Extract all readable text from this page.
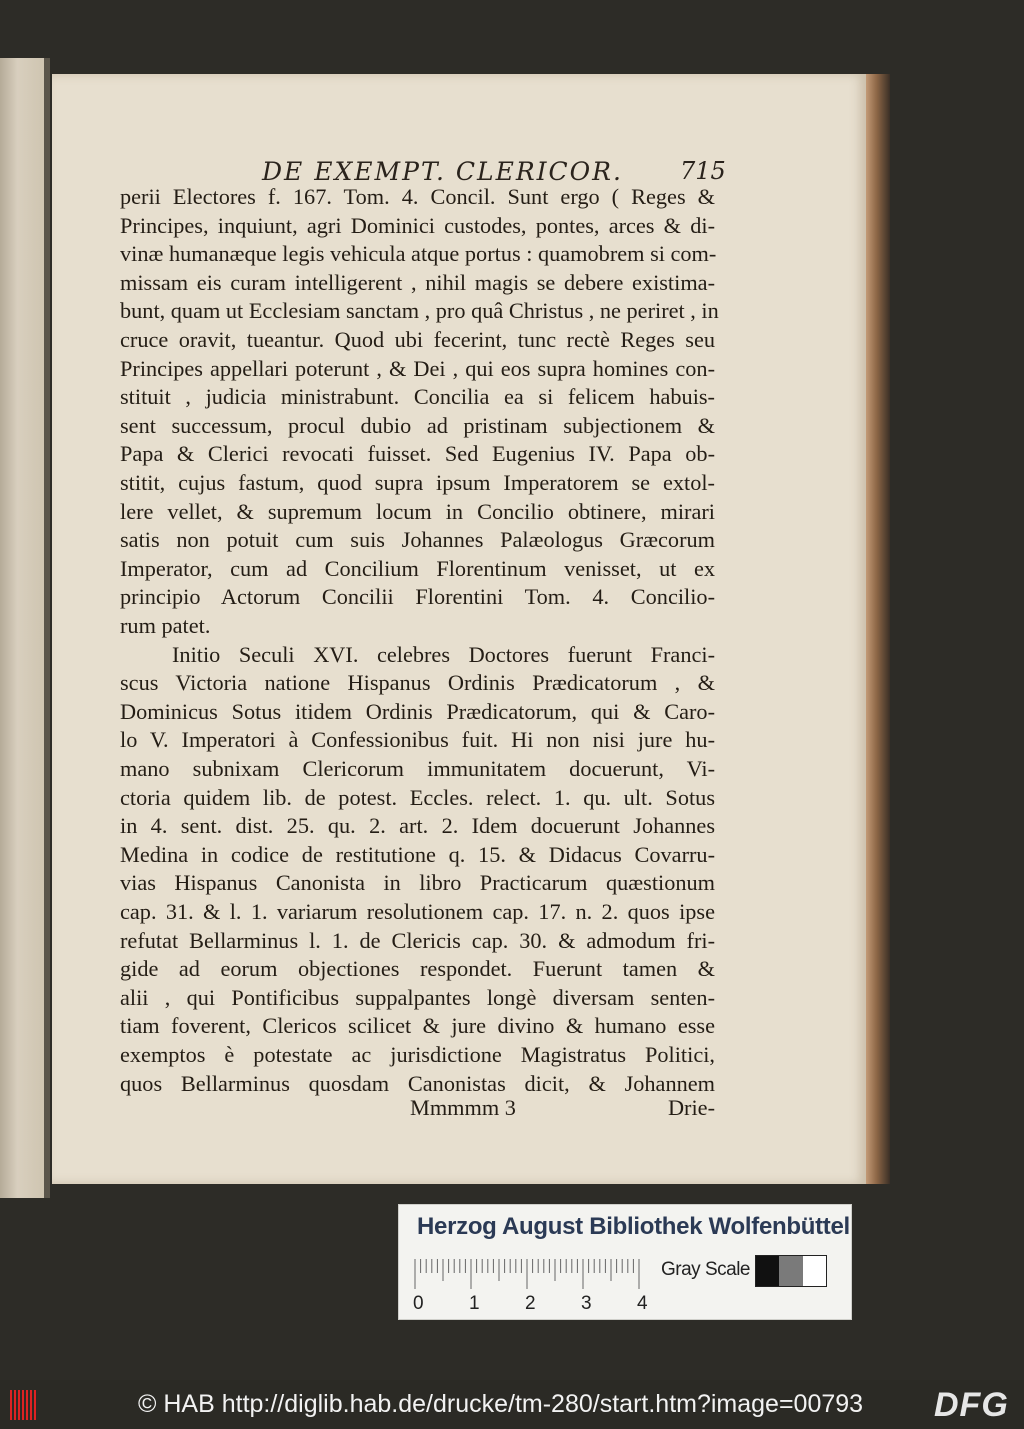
DE EXEMPT. CLERICOR. 715
perii Electores f. 167. Tom. 4. Concil. Sunt ergo ( Reges &
Principes, inquiunt, agri Dominici custodes, pontes, arces & di-
vinæ humanæque legis vehicula atque portus : quamobrem si com-
missam eis curam intelligerent , nihil magis se debere existima-
bunt, quam ut Ecclesiam sanctam , pro quâ Christus , ne periret , in
cruce oravit, tueantur. Quod ubi fecerint, tunc rectè Reges seu
Principes appellari poterunt , & Dei , qui eos supra homines con-
stituit , judicia ministrabunt. Concilia ea si felicem habuis-
sent successum, procul dubio ad pristinam subjectionem &
Papa & Clerici revocati fuisset. Sed Eugenius IV. Papa ob-
stitit, cujus fastum, quod supra ipsum Imperatorem se extol-
lere vellet, & supremum locum in Concilio obtinere, mirari
satis non potuit cum suis Johannes Palæologus Græcorum
Imperator, cum ad Concilium Florentinum venisset, ut ex
principio Actorum Concilii Florentini Tom. 4. Concilio-
rum patet.
Initio Seculi XVI. celebres Doctores fuerunt Franci-
scus Victoria natione Hispanus Ordinis Prædicatorum , &
Dominicus Sotus itidem Ordinis Prædicatorum, qui & Caro-
lo V. Imperatori à Confessionibus fuit. Hi non nisi jure hu-
mano subnixam Clericorum immunitatem docuerunt, Vi-
ctoria quidem lib. de potest. Eccles. relect. 1. qu. ult. Sotus
in 4. sent. dist. 25. qu. 2. art. 2. Idem docuerunt Johannes
Medina in codice de restitutione q. 15. & Didacus Covarru-
vias Hispanus Canonista in libro Practicarum quæstionum
cap. 31. & l. 1. variarum resolutionem cap. 17. n. 2. quos ipse
refutat Bellarminus l. 1. de Clericis cap. 30. & admodum fri-
gide ad eorum objectiones respondet. Fuerunt tamen &
alii , qui Pontificibus suppalpantes longè diversam senten-
tiam foverent, Clericos scilicet & jure divino & humano esse
exemptos è potestate ac jurisdictione Magistratus Politici,
quos Bellarminus quosdam Canonistas dicit, & Johannem
Mmmmm 3	Drie-
Herzog August Bibliothek Wolfenbüttel
0 1 2 3 4
Gray Scale
© HAB http://diglib.hab.de/drucke/tm-280/start.htm?image=00793 DFG
